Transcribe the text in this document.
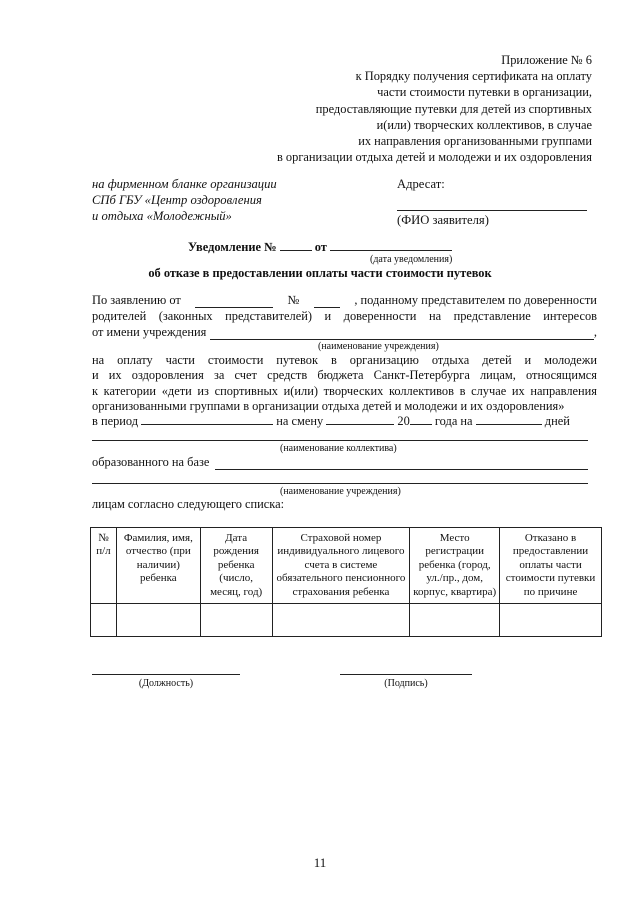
Приложение № 6
к Порядку получения сертификата на оплату
части стоимости путевки в организации,
предоставляющие путевки для детей из спортивных
и(или) творческих коллективов, в случае
их направления организованными группами
в организации отдыха детей и молодежи и их оздоровления
на фирменном бланке организации
СПб ГБУ «Центр оздоровления
и отдыха «Молодежный»
Адресат:
(ФИО заявителя)
Уведомление №	от
(дата уведомления)
об отказе в предоставлении оплаты части стоимости путевок
По заявлению от	№	, поданному представителем по доверенности
родителей (законных представителей) и доверенности на представление интересов
от имени учреждения	,
(наименование учреждения)
на оплату части стоимости путевок в организацию отдыха детей и молодежи
и их оздоровления за счет средств бюджета Санкт-Петербурга лицам, относящимся
к категории «дети из спортивных и(или) творческих коллективов в случае их направления
организованными группами в организации отдыха детей и молодежи и их оздоровления»
в период	на смену	20 года на	дней
(наименование коллектива)
образованного на базе
(наименование учреждения)
лицам согласно следующего списка:
№ п/л	Фамилия, имя, отчество (при наличии) ребенка	Дата рождения ребенка (число, месяц, год)	Страховой номер индивидуального лицевого счета в системе обязательного пенсионного страхования ребенка	Место регистрации ребенка (город, ул./пр., дом, корпус, квартира)	Отказано в предоставлении оплаты части стоимости путевки по причине

(Должность)	(Подпись)
11
